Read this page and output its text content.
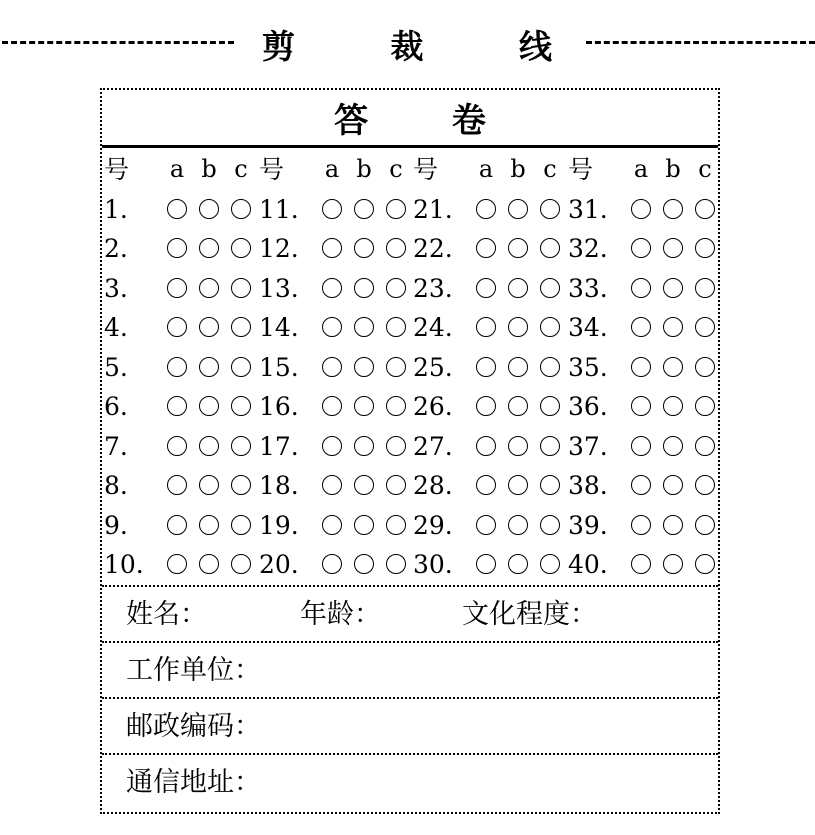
剪	裁	线
答 卷
号 a b c 号 a b c 号 a b c 号 a b c
1.	11.	21.	31.
2.	12.	22.	32.
3.	13.	23.	33.
4.	14.	24.	34.
5.	15.	25.	35.
6.	16.	26.	36.
7.	17.	27.	37.
8.	18.	28.	38.
9.	19.	29.	39.
10.	20.	30.	40.
姓名：	年龄：	文化程度：
工作单位：
邮政编码：
通信地址：
